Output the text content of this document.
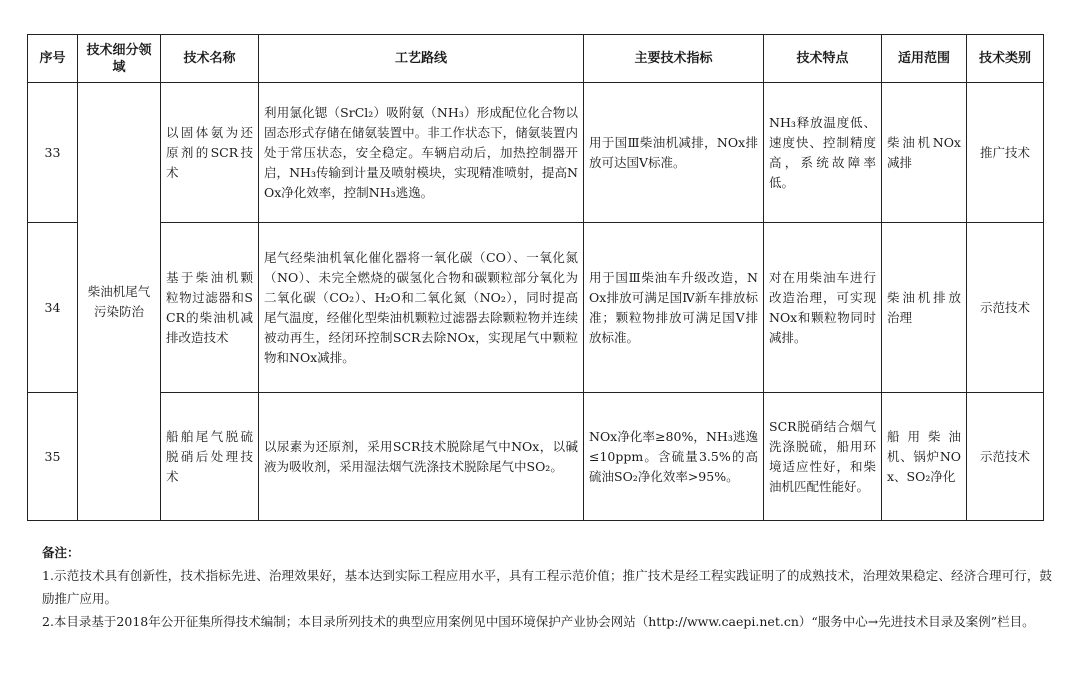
序号	技术细分领域	技术名称	工艺路线	主要技术指标	技术特点	适用范围	技术类别
33	柴油机尾气污染防治	以固体氨为还原剂的SCR技术	利用氯化锶（SrCl₂）吸附氨（NH₃）形成配位化合物以固态形式存储在储氨装置中。非工作状态下，储氨装置内处于常压状态，安全稳定。车辆启动后，加热控制器开启，NH₃传输到计量及喷射模块，实现精准喷射，提高NOx净化效率，控制NH₃逃逸。	用于国Ⅲ柴油机减排，NOx排放可达国Ⅴ标准。	NH₃释放温度低、速度快、控制精度高，系统故障率低。	柴油机NOx减排	推广技术
34		基于柴油机颗粒物过滤器和SCR的柴油机减排改造技术	尾气经柴油机氧化催化器将一氧化碳（CO）、一氧化氮（NO）、未完全燃烧的碳氢化合物和碳颗粒部分氧化为二氧化碳（CO₂）、H₂O和二氧化氮（NO₂），同时提高尾气温度，经催化型柴油机颗粒过滤器去除颗粒物并连续被动再生，经闭环控制SCR去除NOx，实现尾气中颗粒物和NOx减排。	用于国Ⅲ柴油车升级改造，NOx排放可满足国Ⅳ新车排放标准；颗粒物排放可满足国Ⅴ排放标准。	对在用柴油车进行改造治理，可实现NOx和颗粒物同时减排。	柴油机排放治理	示范技术
35		船舶尾气脱硫脱硝后处理技术	以尿素为还原剂，采用SCR技术脱除尾气中NOx，以碱液为吸收剂，采用湿法烟气洗涤技术脱除尾气中SO₂。	NOx净化率≥80%，NH₃逃逸≤10ppm。含硫量3.5%的高硫油SO₂净化效率>95%。	SCR脱硝结合烟气洗涤脱硫，船用环境适应性好，和柴油机匹配性能好。	船用柴油机、锅炉NOx、SO₂净化	示范技术
备注：

1.示范技术具有创新性，技术指标先进、治理效果好，基本达到实际工程应用水平，具有工程示范价值；推广技术是经工程实践证明了的成熟技术，治理效果稳定、经济合理可行，鼓励推广应用。

2.本目录基于2018年公开征集所得技术编制；本目录所列技术的典型应用案例见中国环境保护产业协会网站（http://www.caepi.net.cn）“服务中心→先进技术目录及案例”栏目。
